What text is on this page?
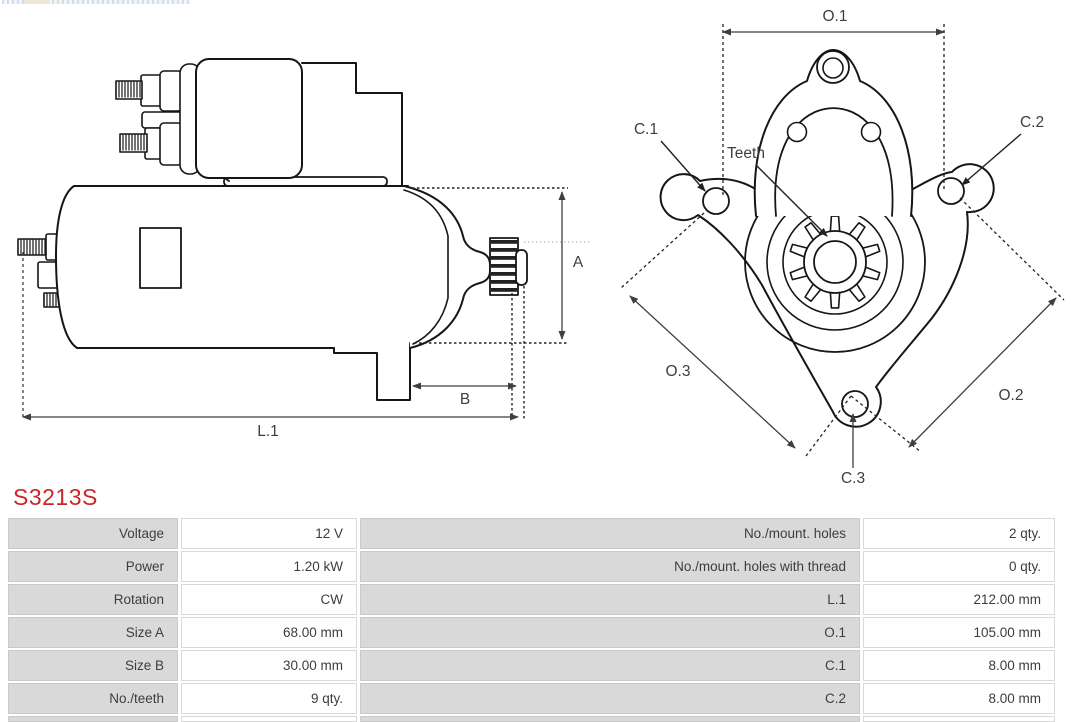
A
B
L.1
O.1
C.1	C.2
Teeth
O.3
O.2
C.3
S3213S
Voltage	12 V	No./mount. holes	2 qty.
Power	1.20 kW	No./mount. holes with thread	0 qty.
Rotation	CW	L.1	212.00 mm
Size A	68.00 mm	O.1	105.00 mm
Size B	30.00 mm	C.1	8.00 mm
No./teeth	9 qty.	C.2	8.00 mm
